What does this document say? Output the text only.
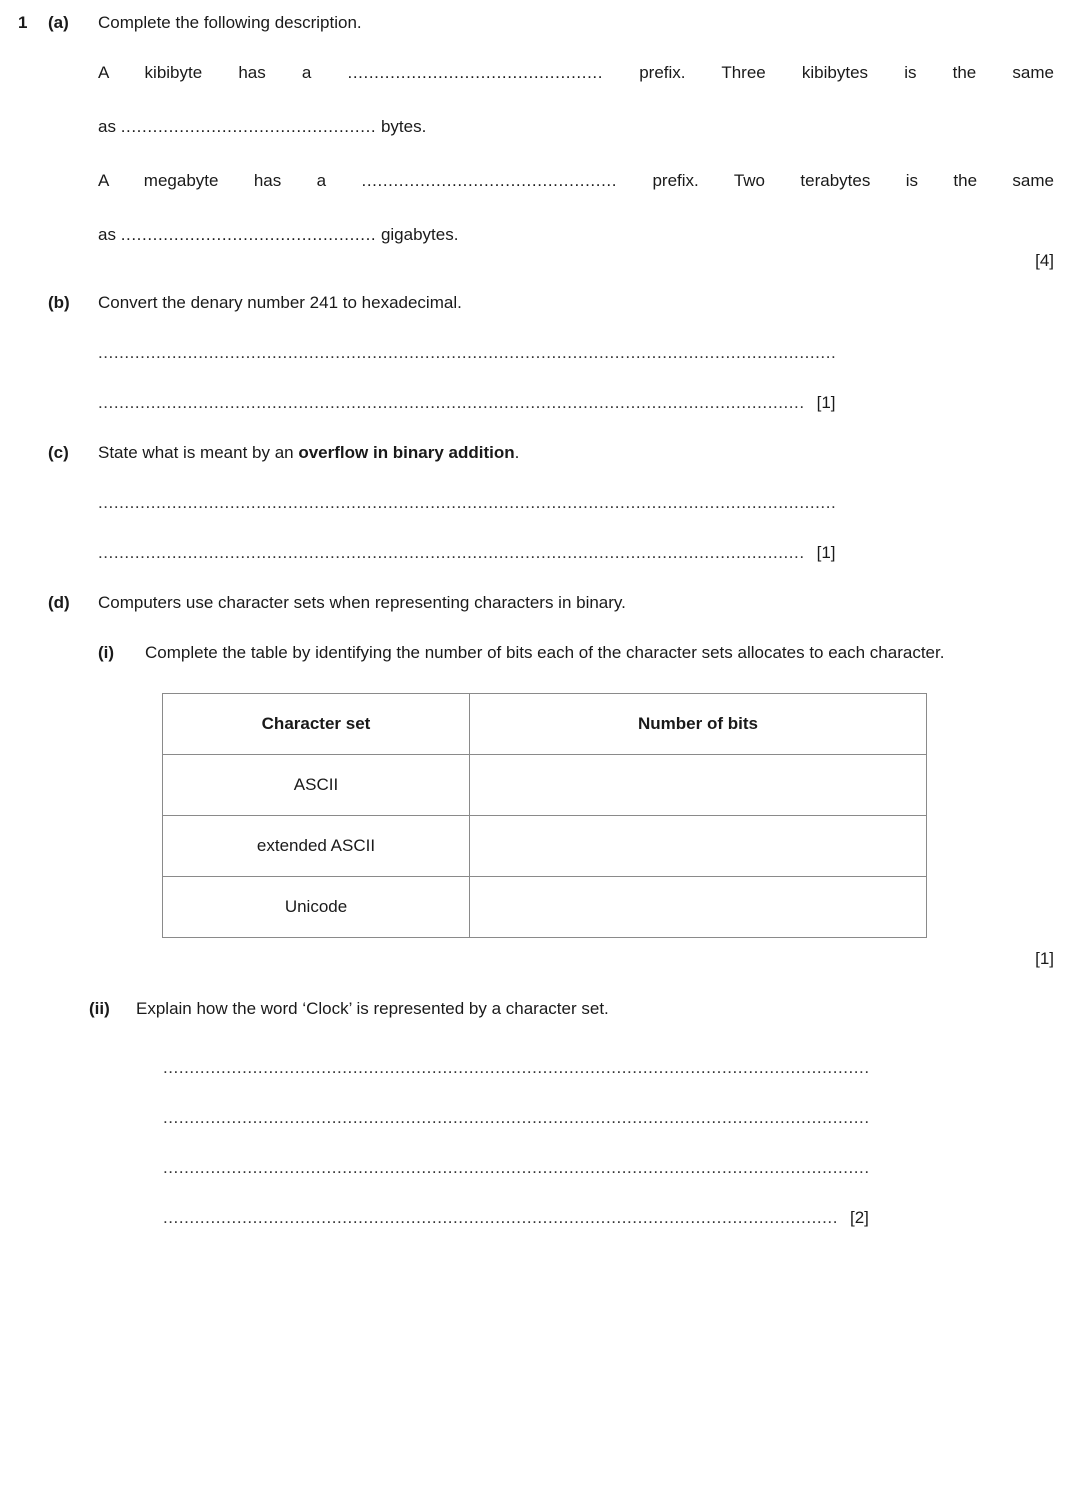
1	(a)	Complete the following description.
A kibibyte has a ................................................ prefix. Three kibibytes is the same
as ................................................ bytes.
A megabyte has a ................................................ prefix. Two terabytes is the same
as ................................................ gigabytes.
[4]
(b)	Convert the denary number 241 to hexadecimal.
............................................................................................................................................
...................................................................................................................................... [1]
(c)	State what is meant by an overflow in binary addition.
............................................................................................................................................
...................................................................................................................................... [1]
(d)	Computers use character sets when representing characters in binary.
(i)	Complete the table by identifying the number of bits each of the character sets allocates to each character.
Character set	Number of bits
ASCII	
extended ASCII	
Unicode	
[1]
(ii)	Explain how the word ‘Clock’ is represented by a character set.
......................................................................................................................................
......................................................................................................................................
......................................................................................................................................
................................................................................................................................ [2]
